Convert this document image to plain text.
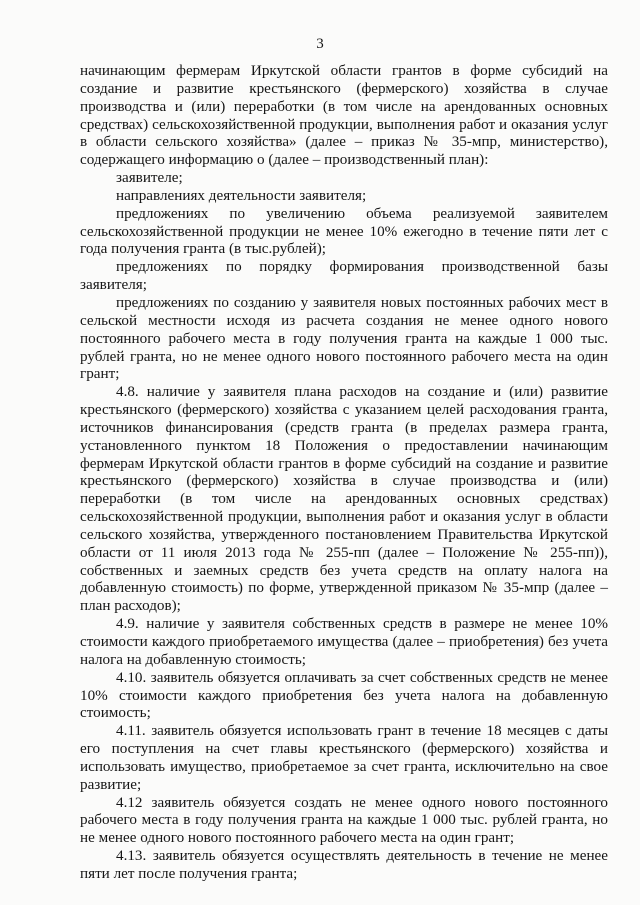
3

начинающим фермерам Иркутской области грантов в форме субсидий на создание и развитие крестьянского (фермерского) хозяйства в случае производства и (или) переработки (в том числе на арендованных основных средствах) сельскохозяйственной продукции, выполнения работ и оказания услуг в области сельского хозяйства» (далее – приказ № 35-мпр, министерство), содержащего информацию о (далее – производственный план):

заявителе;

направлениях деятельности заявителя;

предложениях по увеличению объема реализуемой заявителем сельскохозяйственной продукции не менее 10% ежегодно в течение пяти лет с года получения гранта (в тыс.рублей);

предложениях по порядку формирования производственной базы заявителя;

предложениях по созданию у заявителя новых постоянных рабочих мест в сельской местности исходя из расчета создания не менее одного нового постоянного рабочего места в году получения гранта на каждые 1 000 тыс. рублей гранта, но не менее одного нового постоянного рабочего места на один грант;

4.8. наличие у заявителя плана расходов на создание и (или) развитие крестьянского (фермерского) хозяйства с указанием целей расходования гранта, источников финансирования (средств гранта (в пределах размера гранта, установленного пунктом 18 Положения о предоставлении начинающим фермерам Иркутской области грантов в форме субсидий на создание и развитие крестьянского (фермерского) хозяйства в случае производства и (или) переработки (в том числе на арендованных основных средствах) сельскохозяйственной продукции, выполнения работ и оказания услуг в области сельского хозяйства, утвержденного постановлением Правительства Иркутской области от 11 июля 2013 года № 255-пп (далее – Положение № 255-пп)), собственных и заемных средств без учета средств на оплату налога на добавленную стоимость) по форме, утвержденной приказом № 35-мпр (далее – план расходов);

4.9. наличие у заявителя собственных средств в размере не менее 10% стоимости каждого приобретаемого имущества (далее – приобретения) без учета налога на добавленную стоимость;

4.10. заявитель обязуется оплачивать за счет собственных средств не менее 10% стоимости каждого приобретения без учета налога на добавленную стоимость;

4.11. заявитель обязуется использовать грант в течение 18 месяцев с даты его поступления на счет главы крестьянского (фермерского) хозяйства и использовать имущество, приобретаемое за счет гранта, исключительно на свое развитие;

4.12 заявитель обязуется создать не менее одного нового постоянного рабочего места в году получения гранта на каждые 1 000 тыс. рублей гранта, но не менее одного нового постоянного рабочего места на один грант;

4.13. заявитель обязуется осуществлять деятельность в течение не менее пяти лет после получения гранта;
